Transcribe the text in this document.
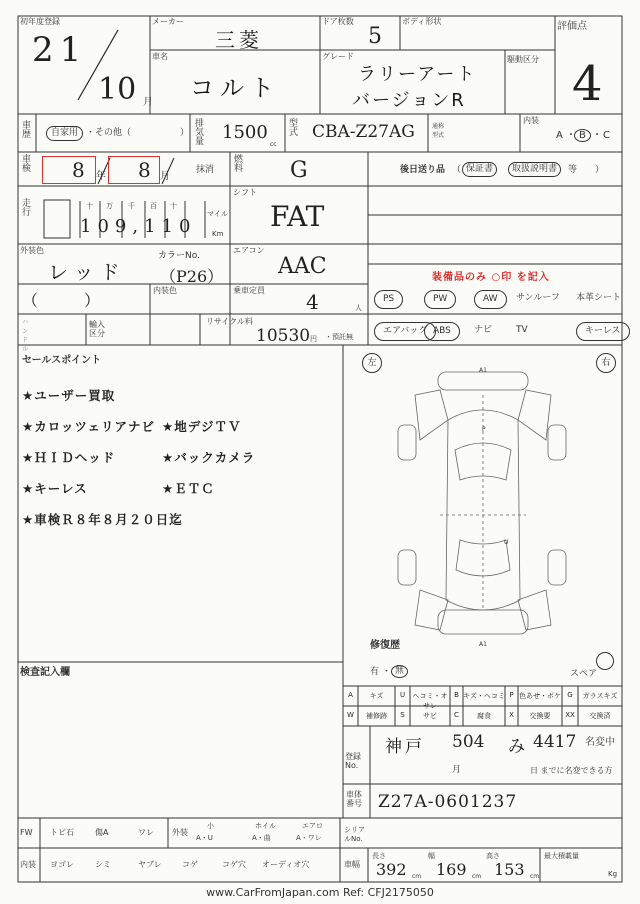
初年度登録
21
10 月
メーカー
三菱
ドア枚数
5
ボディ形状	評価点
4
車名
コルト
グレード
ラリーアート
バージョンR
駆動区分
車歴	自家用 ・その他（	）
排気量 1500
cc
型式 CBA-Z27AG	通称型式
内装
A ・ B ・ C
車検 8 年 8 月
抹消
燃料 G	後日送り品 （ 保証書	取扱説明書	等 ）
走行
十 万 千 百 十
109,110
マイル
Km
シフト
FAT
外装色
レッド
カラーNo.
（P26）
エアコン
AAC	装備品のみ ○印 を記入
（	）
内装色	乗車定員 4	人
ハンドル
輸入区分
リサイクル料
10530 円 ・預託無
PS	PW	AW	サンルーフ 本革シート
エアバッグ ABS	ナビ	TV	キーレス
セールスポイント
★ユーザー買取
★カロッツェリアナビ ★地デジＴＶ
★ＨＩＤヘッド	★バックカメラ
★キーレス	★ＥＴＣ
★車検Ｒ８年８月２０日迄
検査記入欄
左	右
A1
A1
P
U
修復歴
有 ・ 無	スペア
A	キズ	U	ヘコミ・オサレ
B キズ・ヘコミ P 色あせ・ボケ G	ガラスキズ
W	補修跡	S	サビ	C	腐食	X	交換要	XX	交換済
登録No.
神戸 504 み 4417 名変中
月	日 までに名変できる方
車体番号 Z27A-0601237
FW トビ石	傷A	ワレ 外装
小
A・U
ホイル
A・曲
エアロ
A・ワレ
シリアルNo.
内装 ヨゴレ	シミ	ヤブレ	コゲ	コゲ穴 オーディオ穴	車幅
長さ
392 cm
幅
169 cm
高さ
153 cm
最大積載量
Kg
www.CarFromJapan.com Ref: CFJ2175050
